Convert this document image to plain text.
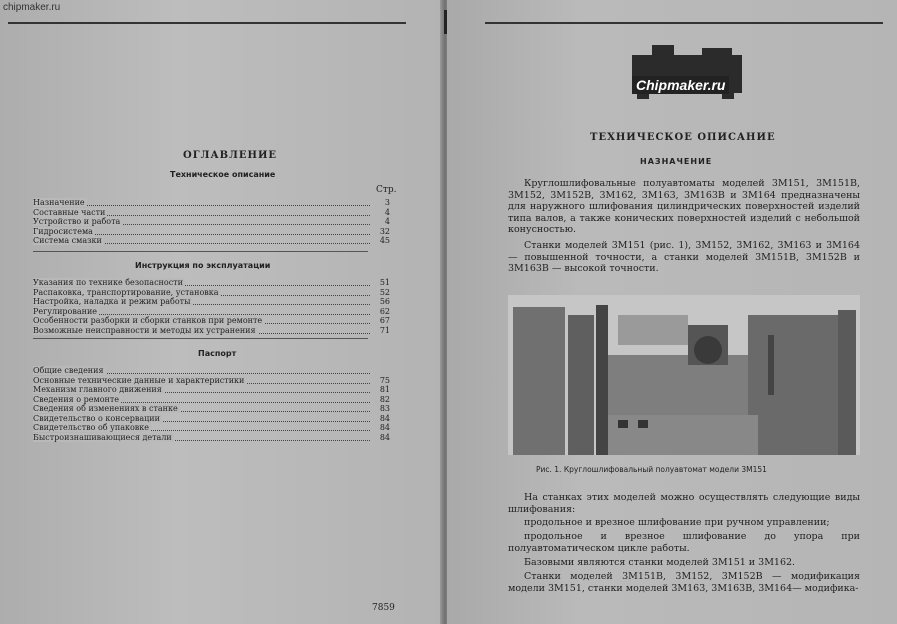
chipmaker.ru
ОГЛАВЛЕНИЕ
Техническое описание
Назначение	3
Составные части	4
Устройство и работа	4
Гидросистема	32
Система смазки	45
Инструкция по эксплуатации
Указания по технике безопасности	51
Распаковка, транспортирование, установка	52
Настройка, наладка и режим работы	56
Регулирование	62
Особенности разборки и сборки станков при ремонте	67
Возможные неисправности и методы их устранения	71
Паспорт
Общие сведения
Основные технические данные и характеристики	75
Механизм главного движения	81
Сведения о ремонте	82
Сведения об изменениях в станке	83
Свидетельство о консервации	84
Свидетельство об упаковке	84
Быстроизнашивающиеся детали	84
Стр.
7859
ТЕХНИЧЕСКОЕ ОПИСАНИЕ
НАЗНАЧЕНИЕ
Круглошлифовальные полуавтоматы моделей 3М151, 3М151В, 3М152, 3М152В, 3М162, 3М163, 3М163В и 3М164 предназначены для наружного шлифования цилиндрических поверхностей изделий типа валов, а также конических поверхностей изделий с небольшой конусностью.
Станки моделей 3М151 (рис. 1), 3М152, 3М162, 3М163 и 3М164 — повышенной точности, а станки моделей 3М151В, 3М152В и 3М163В — высокой точности.
Рис. 1. Круглошлифовальный полуавтомат модели 3М151
На станках этих моделей можно осуществлять следующие виды шлифования:
продольное и врезное шлифование при ручном управлении;
продольное и врезное шлифование до упора при полуавтоматическом цикле работы.
Базовыми являются станки моделей 3М151 и 3М162.
Станки моделей 3М151В, 3М152, 3М152В — модификация модели 3М151, станки моделей 3М163, 3М163В, 3М164— модифика-
Chipmaker.ru
